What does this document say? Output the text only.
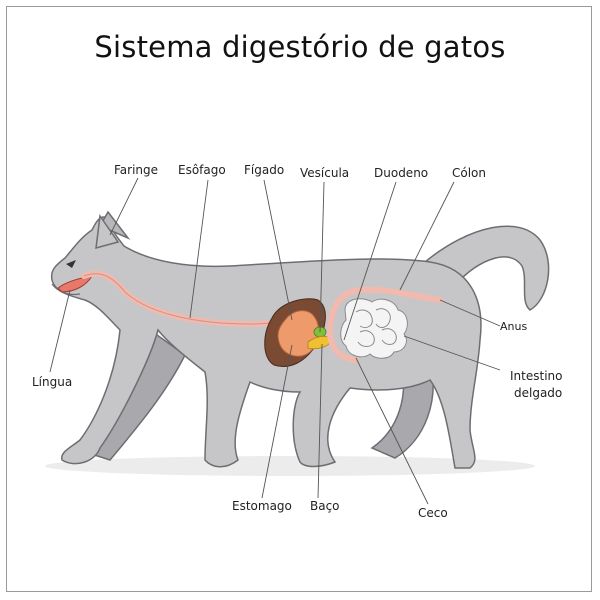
Sistema digestório de gatos
Faringe Esôfago Fígado Vesícula Duodeno Cólon
Anus
Intestino
delgado
Língua
Estomago Baço	Ceco
